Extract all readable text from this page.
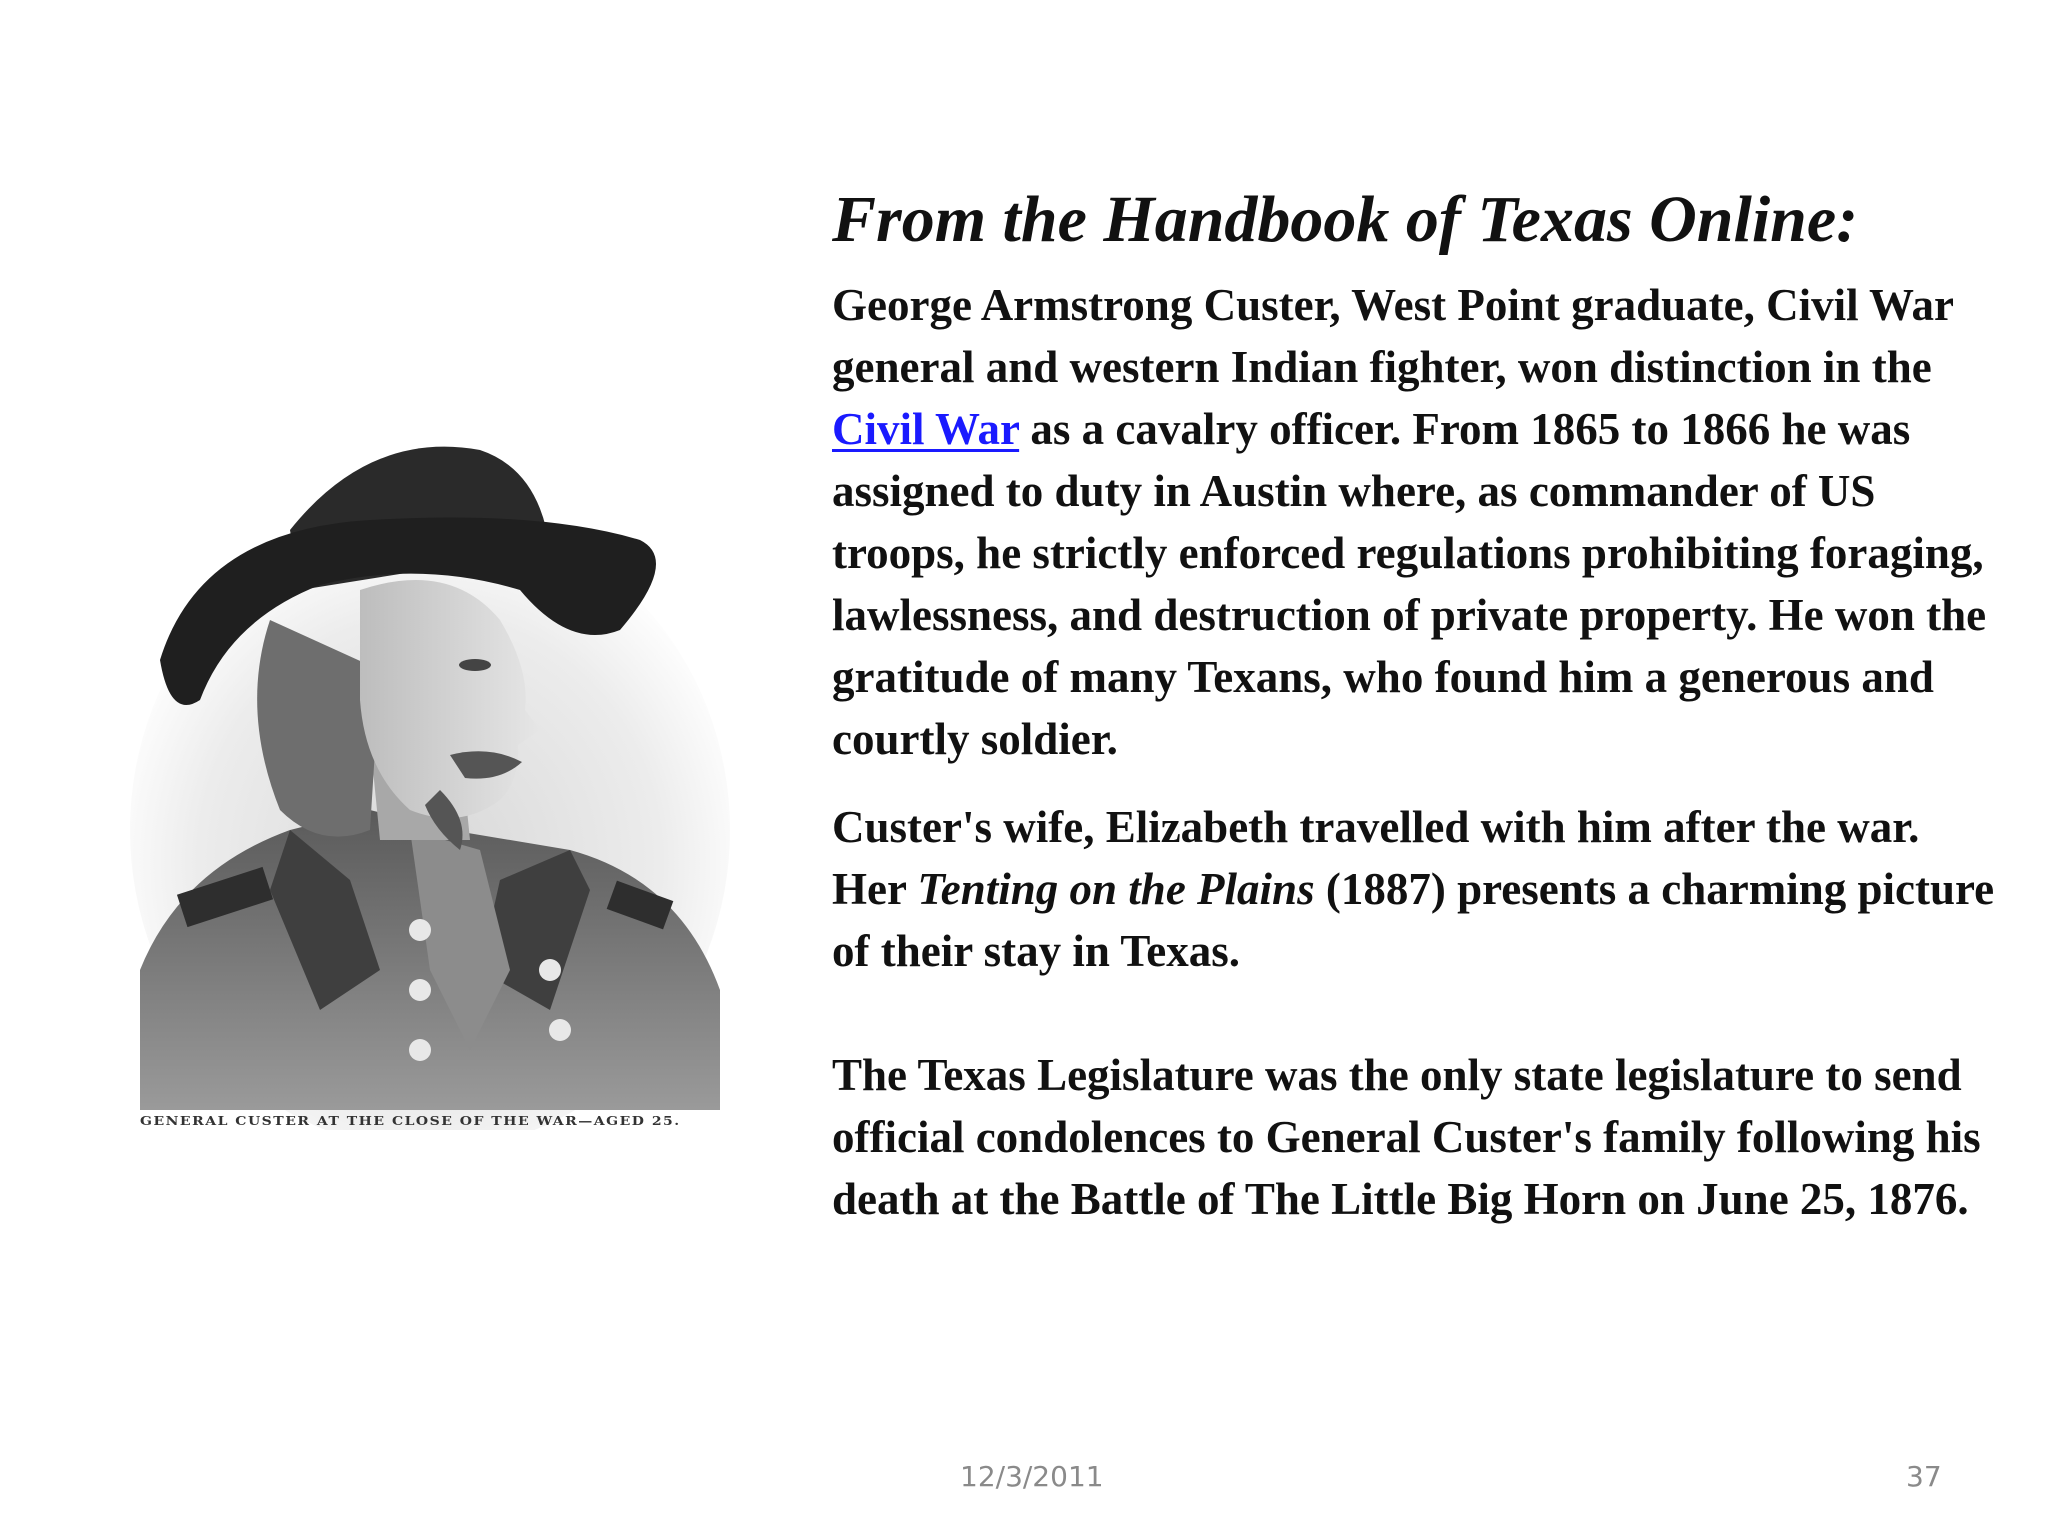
GENERAL CUSTER AT THE CLOSE OF THE WAR—AGED 25.
From the Handbook of Texas Online:

George Armstrong Custer, West Point graduate, Civil War general and western Indian fighter, won distinction in the Civil War as a cavalry officer. From 1865 to 1866 he was assigned to duty in Austin where, as commander of US troops, he strictly enforced regulations prohibiting foraging, lawlessness, and destruction of private property. He won the gratitude of many Texans, who found him a generous and courtly soldier.

Custer's wife, Elizabeth travelled with him after the war. Her Tenting on the Plains (1887) presents a charming picture of their stay in Texas.

The Texas Legislature was the only state legislature to send official condolences to General Custer's family following his death at the Battle of The Little Big Horn on June 25, 1876.

12/3/2011	37
